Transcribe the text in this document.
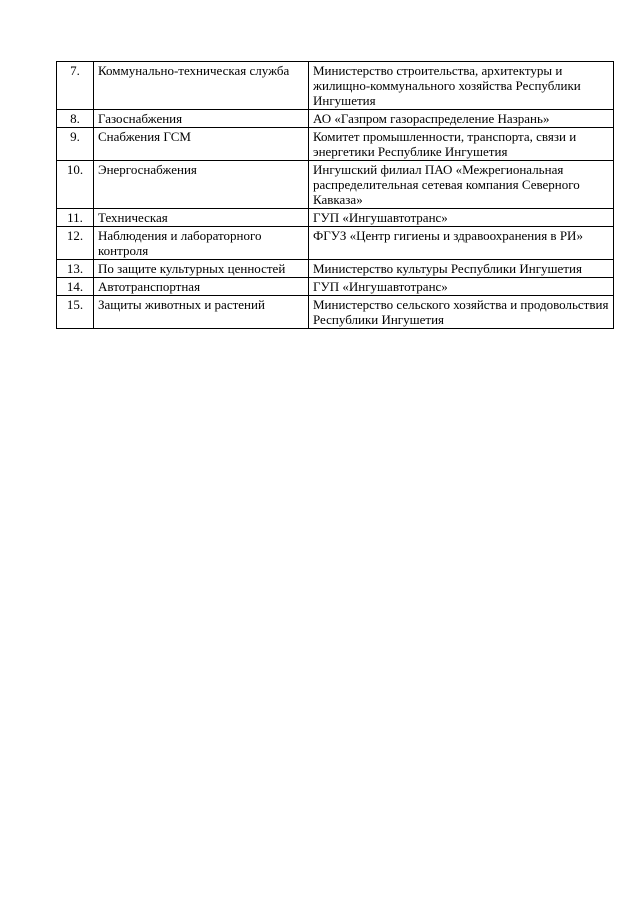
7.	Коммунально-техническая служба	Министерство строительства, архитектуры и жилищно-коммунального хозяйства Республики Ингушетия
8.	Газоснабжения	АО «Газпром газораспределение Назрань»
9.	Снабжения ГСМ	Комитет промышленности, транспорта, связи и энергетики Республике Ингушетия
10.	Энергоснабжения	Ингушский филиал ПАО «Межрегиональная распределительная сетевая компания Северного Кавказа»
11.	Техническая	ГУП «Ингушавтотранс»
12.	Наблюдения и лабораторного контроля	ФГУЗ «Центр гигиены и здравоохранения в РИ»
13.	По защите культурных ценностей	Министерство культуры Республики Ингушетия
14.	Автотранспортная	ГУП «Ингушавтотранс»
15.	Защиты животных и растений	Министерство сельского хозяйства и продовольствия Республики Ингушетия
